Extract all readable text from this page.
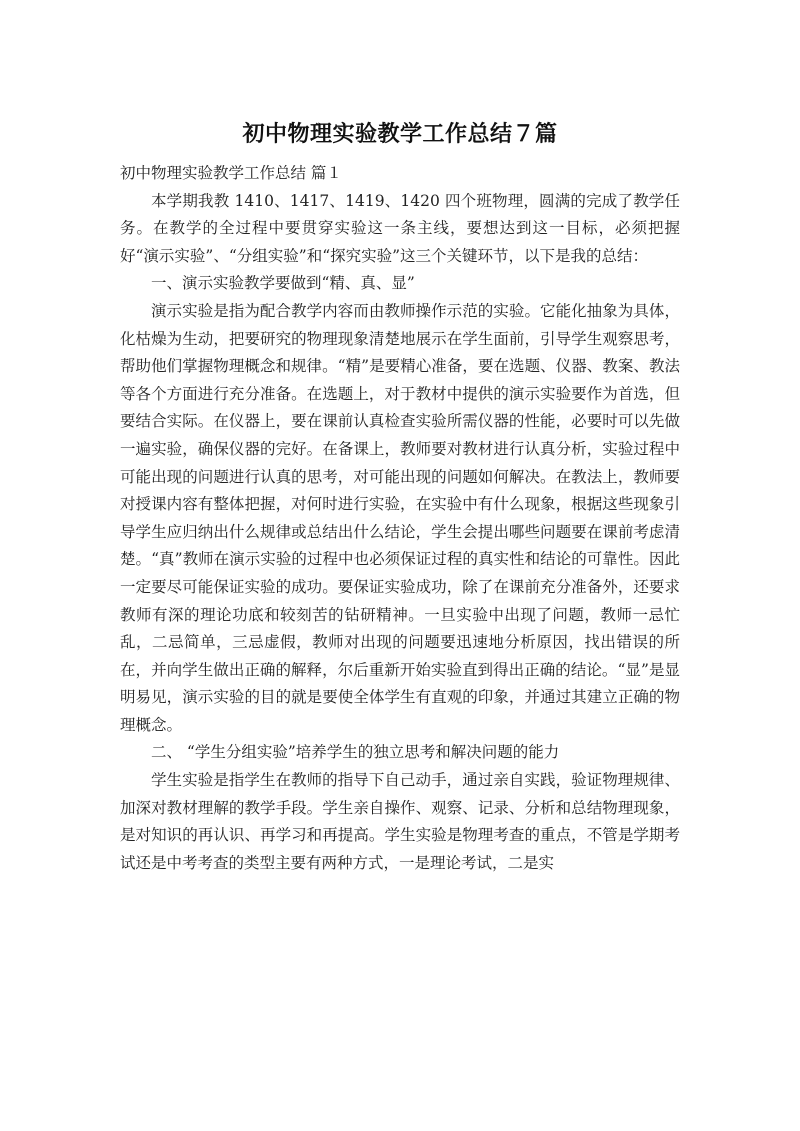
初中物理实验教学工作总结７篇

初中物理实验教学工作总结 篇１

本学期我教 1410、1417、1419、1420 四个班物理，圆满的完成了教学任务。在教学的全过程中要贯穿实验这一条主线，要想达到这一目标，必须把握好“演示实验”、“分组实验”和“探究实验”这三个关键环节，以下是我的总结：

一、演示实验教学要做到“精、真、显”

演示实验是指为配合教学内容而由教师操作示范的实验。它能化抽象为具体，化枯燥为生动，把要研究的物理现象清楚地展示在学生面前，引导学生观察思考，帮助他们掌握物理概念和规律。“精”是要精心准备，要在选题、仪器、教案、教法等各个方面进行充分准备。在选题上，对于教材中提供的演示实验要作为首选，但要结合实际。在仪器上，要在课前认真检查实验所需仪器的性能，必要时可以先做一遍实验，确保仪器的完好。在备课上，教师要对教材进行认真分析，实验过程中可能出现的问题进行认真的思考，对可能出现的问题如何解决。在教法上，教师要对授课内容有整体把握，对何时进行实验，在实验中有什么现象，根据这些现象引导学生应归纳出什么规律或总结出什么结论，学生会提出哪些问题要在课前考虑清楚。“真”教师在演示实验的过程中也必须保证过程的真实性和结论的可靠性。因此一定要尽可能保证实验的成功。要保证实验成功，除了在课前充分准备外，还要求教师有深的理论功底和较刻苦的钻研精神。一旦实验中出现了问题，教师一忌忙乱，二忌简单，三忌虚假，教师对出现的问题要迅速地分析原因，找出错误的所在，并向学生做出正确的解释，尔后重新开始实验直到得出正确的结论。“显”是显明易见，演示实验的目的就是要使全体学生有直观的印象，并通过其建立正确的物理概念。

二、 “学生分组实验”培养学生的独立思考和解决问题的能力

学生实验是指学生在教师的指导下自己动手，通过亲自实践，验证物理规律、加深对教材理解的教学手段。学生亲自操作、观察、记录、分析和总结物理现象，是对知识的再认识、再学习和再提高。学生实验是物理考查的重点，不管是学期考试还是中考考查的类型主要有两种方式，一是理论考试，二是实
